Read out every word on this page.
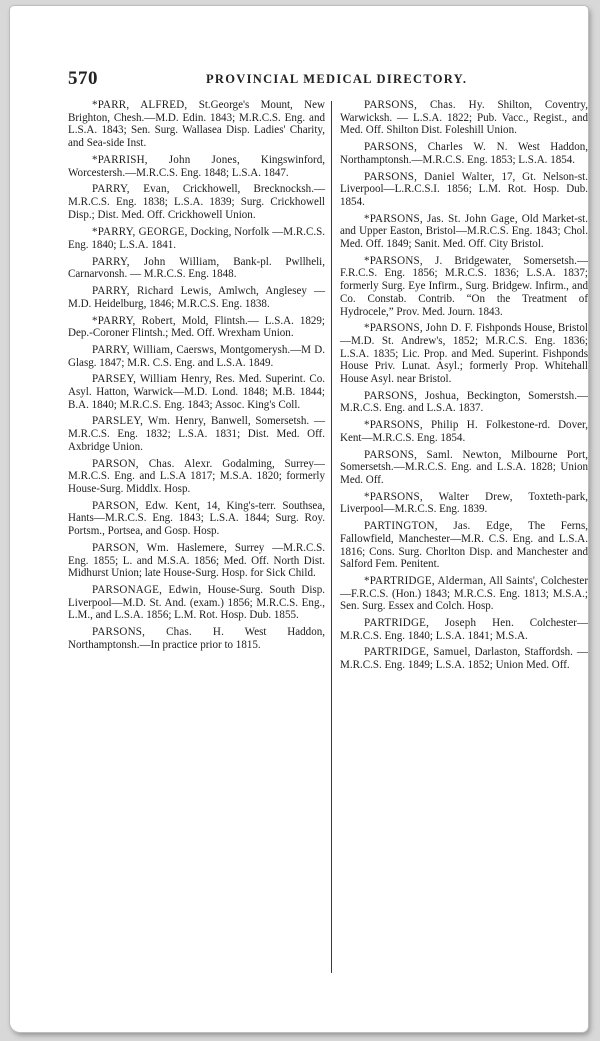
570	PROVINCIAL MEDICAL DIRECTORY.

*PARR, ALFRED, St.George's Mount, New Brighton, Chesh.—M.D. Edin. 1843; M.R.C.S. Eng. and L.S.A. 1843; Sen. Surg. Wallasea Disp. Ladies' Charity, and Sea-side Inst.

*PARRISH, John Jones, Kingswinford, Worcestersh.—M.R.C.S. Eng. 1848; L.S.A. 1847.

PARRY, Evan, Crickhowell, Brecknocksh.—M.R.C.S. Eng. 1838; L.S.A. 1839; Surg. Crickhowell Disp.; Dist. Med. Off. Crickhowell Union.

*PARRY, GEORGE, Docking, Norfolk —M.R.C.S. Eng. 1840; L.S.A. 1841.

PARRY, John William, Bank-pl. Pwllheli, Carnarvonsh. — M.R.C.S. Eng. 1848.

PARRY, Richard Lewis, Amlwch, Anglesey —M.D. Heidelburg, 1846; M.R.C.S. Eng. 1838.

*PARRY, Robert, Mold, Flintsh.— L.S.A. 1829; Dep.-Coroner Flintsh.; Med. Off. Wrexham Union.

PARRY, William, Caersws, Montgomerysh.—M D. Glasg. 1847; M.R. C.S. Eng. and L.S.A. 1849.

PARSEY, William Henry, Res. Med. Superint. Co. Asyl. Hatton, Warwick—M.D. Lond. 1848; M.B. 1844; B.A. 1840; M.R.C.S. Eng. 1843; Assoc. King's Coll.

PARSLEY, Wm. Henry, Banwell, Somersetsh. — M.R.C.S. Eng. 1832; L.S.A. 1831; Dist. Med. Off. Axbridge Union.

PARSON, Chas. Alexr. Godalming, Surrey—M.R.C.S. Eng. and L.S.A 1817; M.S.A. 1820; formerly House-Surg. Middlx. Hosp.

PARSON, Edw. Kent, 14, King's-terr. Southsea, Hants—M.R.C.S. Eng. 1843; L.S.A. 1844; Surg. Roy. Portsm., Portsea, and Gosp. Hosp.

PARSON, Wm. Haslemere, Surrey —M.R.C.S. Eng. 1855; L. and M.S.A. 1856; Med. Off. North Dist. Midhurst Union; late House-Surg. Hosp. for Sick Child.

PARSONAGE, Edwin, House-Surg. South Disp. Liverpool—M.D. St. And. (exam.) 1856; M.R.C.S. Eng., L.M., and L.S.A. 1856; L.M. Rot. Hosp. Dub. 1855.

PARSONS, Chas. H. West Haddon, Northamptonsh.—In practice prior to 1815.

PARSONS, Chas. Hy. Shilton, Coventry, Warwicksh. — L.S.A. 1822; Pub. Vacc., Regist., and Med. Off. Shilton Dist. Foleshill Union.

PARSONS, Charles W. N. West Haddon, Northamptonsh.—M.R.C.S. Eng. 1853; L.S.A. 1854.

PARSONS, Daniel Walter, 17, Gt. Nelson-st. Liverpool—L.R.C.S.I. 1856; L.M. Rot. Hosp. Dub. 1854.

*PARSONS, Jas. St. John Gage, Old Market-st. and Upper Easton, Bristol—M.R.C.S. Eng. 1843; Chol. Med. Off. 1849; Sanit. Med. Off. City Bristol.

*PARSONS, J. Bridgewater, Somersetsh.—F.R.C.S. Eng. 1856; M.R.C.S. 1836; L.S.A. 1837; formerly Surg. Eye Infirm., Surg. Bridgew. Infirm., and Co. Constab. Contrib. “On the Treatment of Hydrocele,” Prov. Med. Journ. 1843.

*PARSONS, John D. F. Fishponds House, Bristol—M.D. St. Andrew's, 1852; M.R.C.S. Eng. 1836; L.S.A. 1835; Lic. Prop. and Med. Superint. Fishponds House Priv. Lunat. Asyl.; formerly Prop. Whitehall House Asyl. near Bristol.

PARSONS, Joshua, Beckington, Somerstsh.—M.R.C.S. Eng. and L.S.A. 1837.

*PARSONS, Philip H. Folkestone-rd. Dover, Kent—M.R.C.S. Eng. 1854.

PARSONS, Saml. Newton, Milbourne Port, Somersetsh.—M.R.C.S. Eng. and L.S.A. 1828; Union Med. Off.

*PARSONS, Walter Drew, Toxteth-park, Liverpool—M.R.C.S. Eng. 1839.

PARTINGTON, Jas. Edge, The Ferns, Fallowfield, Manchester—M.R. C.S. Eng. and L.S.A. 1816; Cons. Surg. Chorlton Disp. and Manchester and Salford Fem. Penitent.

*PARTRIDGE, Alderman, All Saints', Colchester—F.R.C.S. (Hon.) 1843; M.R.C.S. Eng. 1813; M.S.A.; Sen. Surg. Essex and Colch. Hosp.

PARTRIDGE, Joseph Hen. Colchester—M.R.C.S. Eng. 1840; L.S.A. 1841; M.S.A.

PARTRIDGE, Samuel, Darlaston, Staffordsh. — M.R.C.S. Eng. 1849; L.S.A. 1852; Union Med. Off.
